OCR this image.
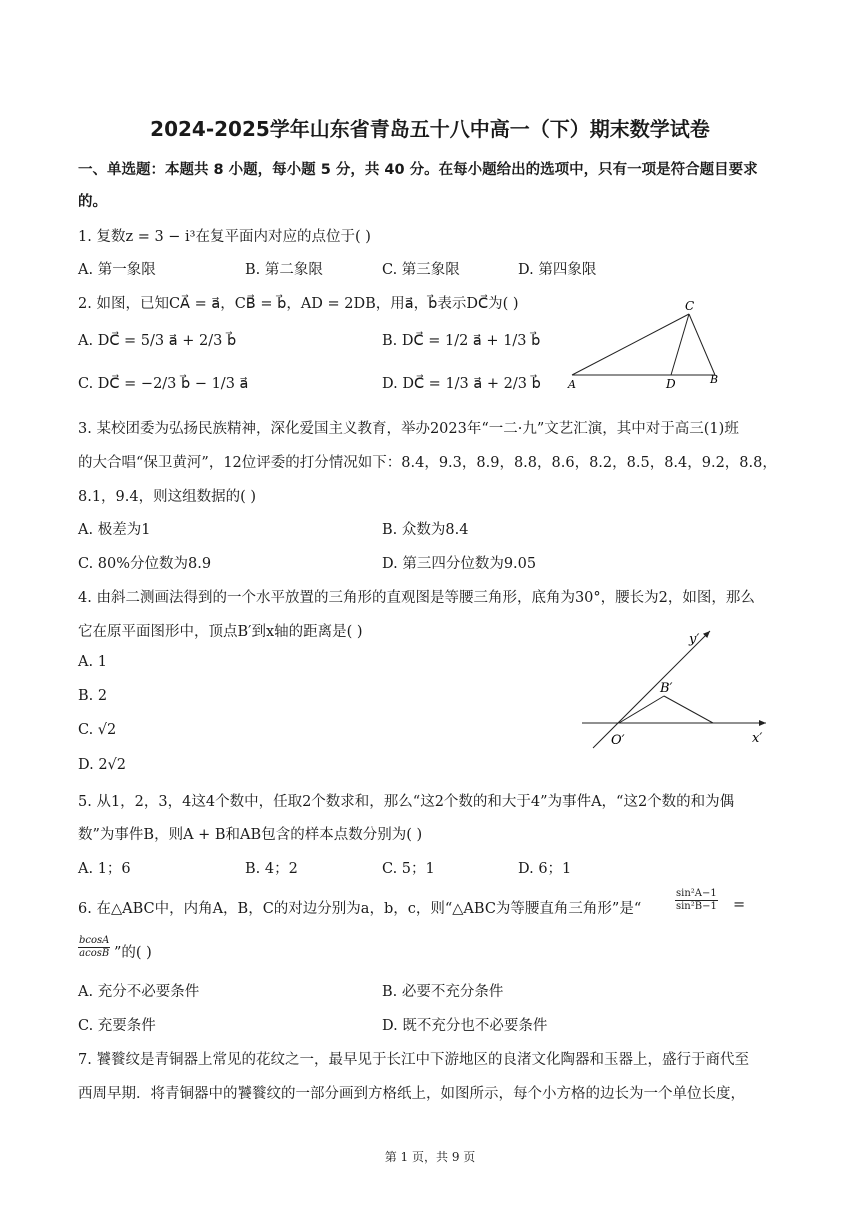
2024-2025学年山东省青岛五十八中高一（下）期末数学试卷
一、单选题：本题共 8 小题，每小题 5 分，共 40 分。在每小题给出的选项中，只有一项是符合题目要求
的。
1. 复数z = 3 − i³在复平面内对应的点位于( )
A. 第一象限	B. 第二象限	C. 第三象限	D. 第四象限
2. 如图，已知CA⃗ = a⃗，CB⃗ = b⃗，AD = 2DB，用a⃗，b⃗表示DC⃗为( )
A. DC⃗ = 5/3 a⃗ + 2/3 b⃗	B. DC⃗ = 1/2 a⃗ + 1/3 b⃗
C. DC⃗ = −2/3 b⃗ − 1/3 a⃗	D. DC⃗ = 1/3 a⃗ + 2/3 b⃗
C
A	D	B
3. 某校团委为弘扬民族精神，深化爱国主义教育，举办2023年“一二·九”文艺汇演，其中对于高三(1)班
的大合唱“保卫黄河”，12位评委的打分情况如下：8.4，9.3，8.9，8.8，8.6，8.2，8.5，8.4，9.2，8.8，
8.1，9.4，则这组数据的( )
A. 极差为1	B. 众数为8.4
C. 80%分位数为8.9	D. 第三四分位数为9.05
4. 由斜二测画法得到的一个水平放置的三角形的直观图是等腰三角形，底角为30°，腰长为2，如图，那么
它在原平面图形中，顶点B′到x轴的距离是( )
A. 1
B. 2
C. √2
D. 2√2
y′
B′
O′	x′
5. 从1，2，3，4这4个数中，任取2个数求和，那么“这2个数的和大于4”为事件A，“这2个数的和为偶
数”为事件B，则A + B和AB包含的样本点数分别为( )
A. 1；6	B. 4；2	C. 5；1	D. 6；1
6. 在△ABC中，内角A，B，C的对边分别为a，b，c，则“△ABC为等腰直角三角形”是“	$\frac{\text{sin²A−1}}{\text{sin²B−1}}$ =
$\frac{bcosA}{acosB}$ ”的( )
A. 充分不必要条件	B. 必要不充分条件
C. 充要条件	D. 既不充分也不必要条件
7. 饕餮纹是青铜器上常见的花纹之一，最早见于长江中下游地区的良渚文化陶器和玉器上，盛行于商代至
西周早期．将青铜器中的饕餮纹的一部分画到方格纸上，如图所示，每个小方格的边长为一个单位长度，
第 1 页，共 9 页
